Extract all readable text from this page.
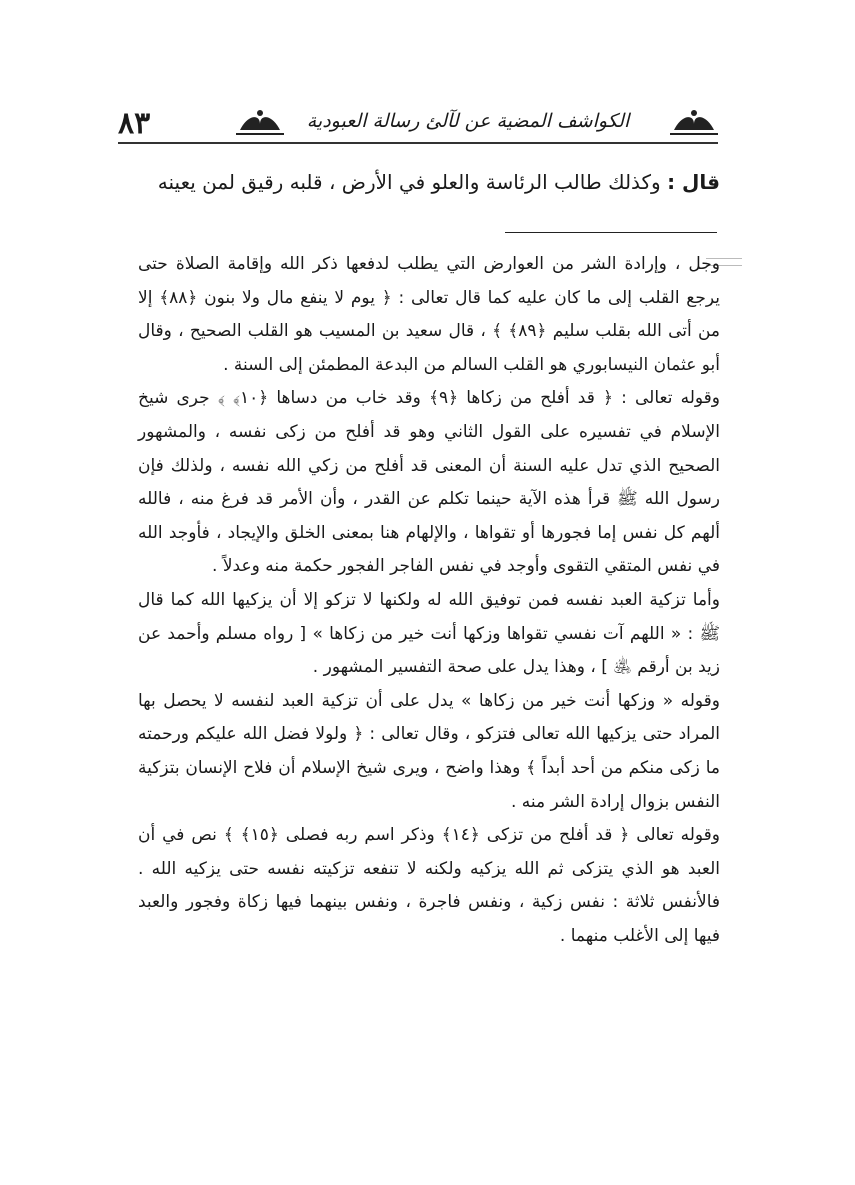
٨٣	الكواشف المضية عن لآلئ رسالة العبودية
قال : وكذلك طالب الرئاسة والعلو في الأرض ، قلبه رقيق لمن يعينه

وجل ، وإرادة الشر من العوارض التي يطلب لدفعها ذكر الله وإقامة الصلاة حتى يرجع القلب إلى ما كان عليه كما قال تعالى : ﴿ يوم لا ينفع مال ولا بنون ﴿٨٨﴾ إلا من أتى الله بقلب سليم ﴿٨٩﴾ ﴾ ، قال سعيد بن المسيب هو القلب الصحيح ، وقال أبو عثمان النيسابوري هو القلب السالم من البدعة المطمئن إلى السنة .

وقوله تعالى : ﴿ قد أفلح من زكاها ﴿٩﴾ وقد خاب من دساها ﴿١٠﴾ ﴾ جرى شيخ الإسلام في تفسيره على القول الثاني وهو قد أفلح من زكى نفسه ، والمشهور الصحيح الذي تدل عليه السنة أن المعنى قد أفلح من زكي الله نفسه ، ولذلك فإن رسول الله ﷺ قرأ هذه الآية حينما تكلم عن القدر ، وأن الأمر قد فرغ منه ، فالله ألهم كل نفس إما فجورها أو تقواها ، والإلهام هنا بمعنى الخلق والإيجاد ، فأوجد الله في نفس المتقي التقوى وأوجد في نفس الفاجر الفجور حكمة منه وعدلاً .

وأما تزكية العبد نفسه فمن توفيق الله له ولكنها لا تزكو إلا أن يزكيها الله كما قال ﷺ : « اللهم آت نفسي تقواها وزكها أنت خير من زكاها » [ رواه مسلم وأحمد عن زيد بن أرقم ﵁ ] ، وهذا يدل على صحة التفسير المشهور .

وقوله « وزكها أنت خير من زكاها » يدل على أن تزكية العبد لنفسه لا يحصل بها المراد حتى يزكيها الله تعالى فتزكو ، وقال تعالى : ﴿ ولولا فضل الله عليكم ورحمته ما زكى منكم من أحد أبداً ﴾ وهذا واضح ، ويرى شيخ الإسلام أن فلاح الإنسان بتزكية النفس بزوال إرادة الشر منه .

وقوله تعالى ﴿ قد أفلح من تزكى ﴿١٤﴾ وذكر اسم ربه فصلى ﴿١٥﴾ ﴾ نص في أن العبد هو الذي يتزكى ثم الله يزكيه ولكنه لا تنفعه تزكيته نفسه حتى يزكيه الله . فالأنفس ثلاثة : نفس زكية ، ونفس فاجرة ، ونفس بينهما فيها زكاة وفجور والعبد فيها إلى الأغلب منهما .
